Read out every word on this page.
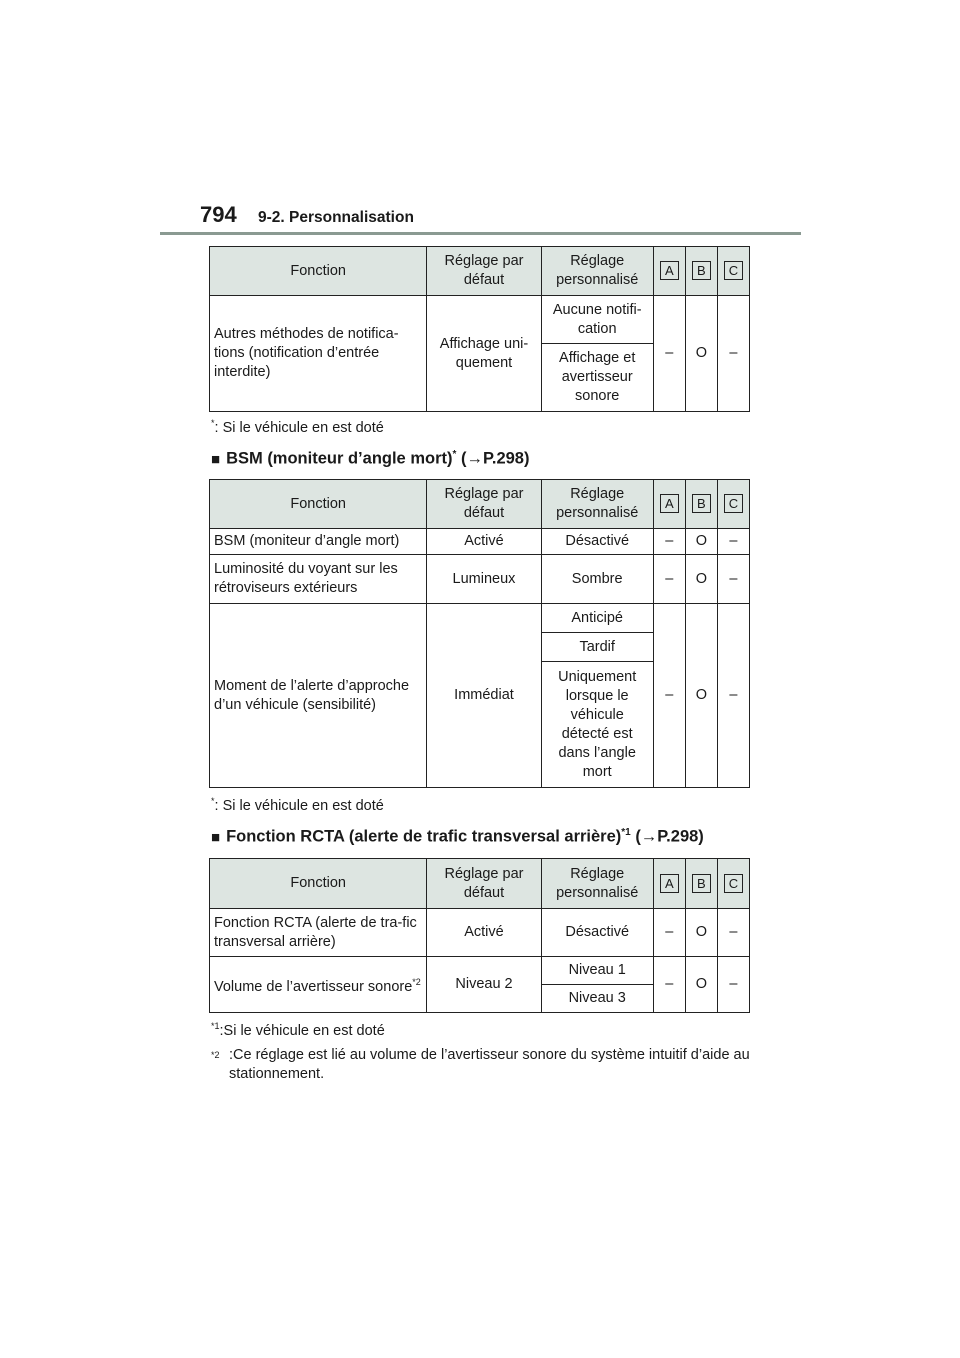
794 9-2. Personnalisation
Fonction	Réglage par défaut	Réglage personnalisé	A	B	C
Autres méthodes de notifica-tions (notification d’entrée interdite)	Affichage uni-quement	Aucune notifi-cation	–	O	–
		Affichage et avertisseur sonore			
*: Si le véhicule en est doté
■ BSM (moniteur d’angle mort)* (→P.298)
Fonction	Réglage par défaut	Réglage personnalisé	A	B	C
BSM (moniteur d’angle mort)	Activé	Désactivé	–	O	–
Luminosité du voyant sur les rétroviseurs extérieurs	Lumineux	Sombre	–	O	–
Moment de l’alerte d’approche d’un véhicule (sensibilité)	Immédiat	Anticipé	–	O	–
		Tardif			
		Uniquement lorsque le véhicule détecté est dans l’angle mort			
*: Si le véhicule en est doté
■ Fonction RCTA (alerte de trafic transversal arrière)$^{*1}$ (→P.298)
Fonction	Réglage par défaut	Réglage personnalisé	A	B	C
Fonction RCTA (alerte de tra-fic transversal arrière)	Activé	Désactivé	–	O	–
Volume de l’avertisseur sonore$^{*2}$	Niveau 2	Niveau 1	–	O	–
		Niveau 3			
$^{*1}$:Si le véhicule en est doté
$^{*2}$ :Ce réglage est lié au volume de l’avertisseur sonore du système intuitif d’aide au stationnement.
